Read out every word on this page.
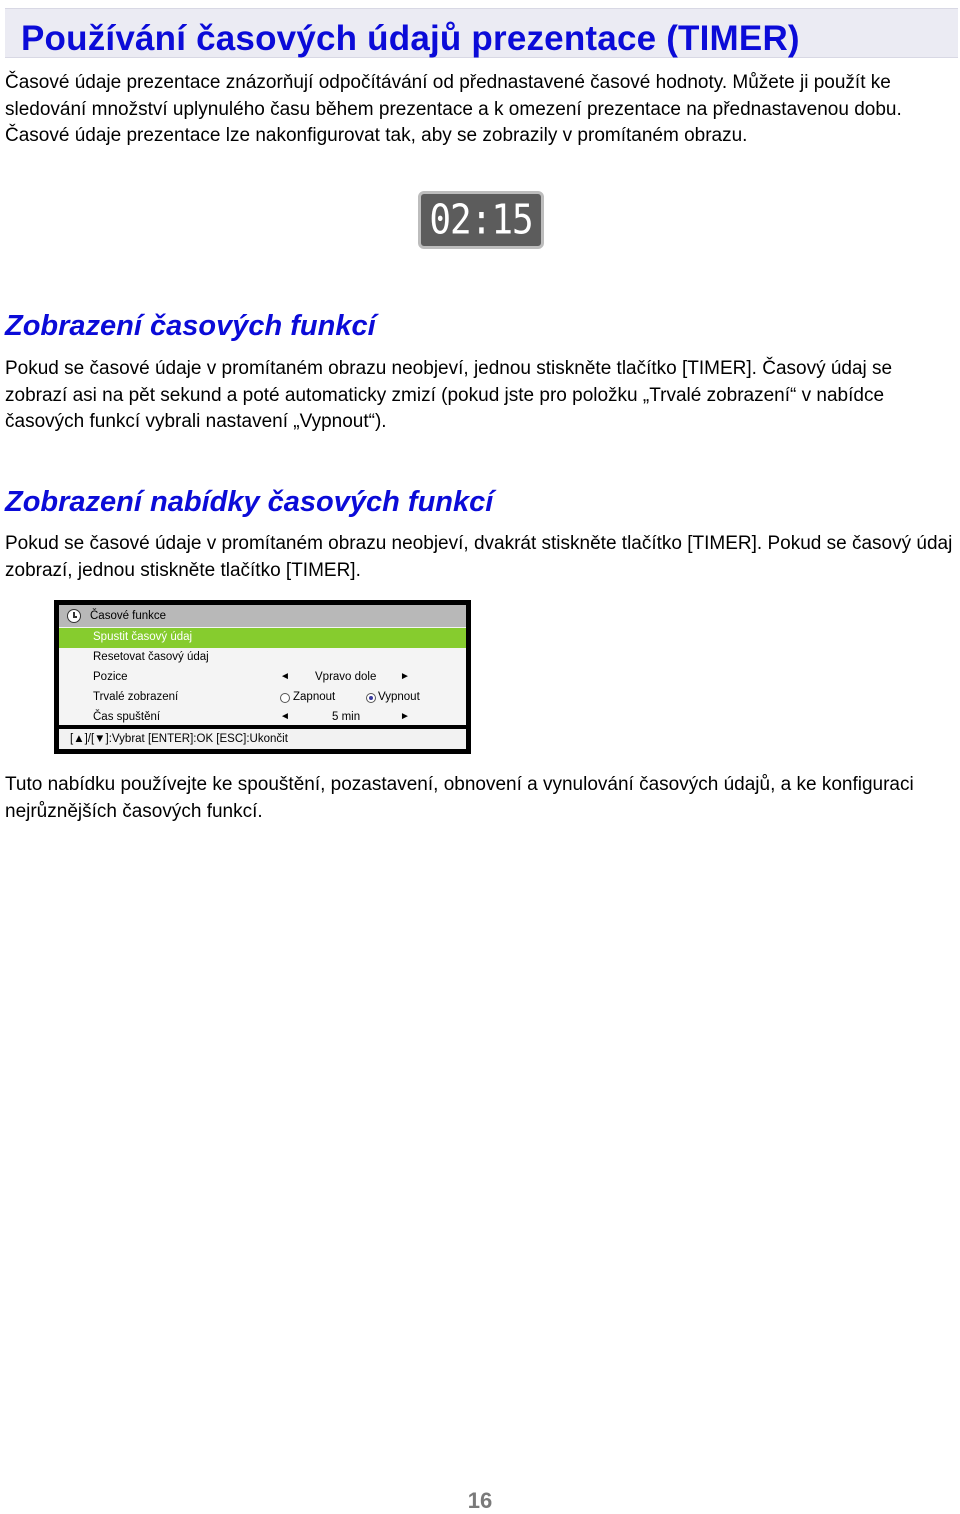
Používání časových údajů prezentace (TIMER)

Časové údaje prezentace znázorňují odpočítávání od přednastavené časové hodnoty. Můžete ji použít ke sledování množství uplynulého času během prezentace a k omezení prezentace na přednastavenou dobu. Časové údaje prezentace lze nakonfigurovat tak, aby se zobrazily v promítaném obrazu.

02:15
Zobrazení časových funkcí

Pokud se časové údaje v promítaném obrazu neobjeví, jednou stiskněte tlačítko [TIMER]. Časový údaj se zobrazí asi na pět sekund a poté automaticky zmizí (pokud jste pro položku „Trvalé zobrazení“ v nabídce časových funkcí vybrali nastavení „Vypnout“).

Zobrazení nabídky časových funkcí

Pokud se časové údaje v promítaném obrazu neobjeví, dvakrát stiskněte tlačítko [TIMER]. Pokud se časový údaj zobrazí, jednou stiskněte tlačítko [TIMER].

Časové funkce
Spustit časový údaj
Resetovat časový údaj
Pozice	◄ Vpravo dole ►
Trvalé zobrazení	Zapnout	Vypnout
Čas spuštění	◄	5 min	►
[▲]/[▼]:Vybrat [ENTER]:OK [ESC]:Ukončit

Tuto nabídku používejte ke spouštění, pozastavení, obnovení a vynulování časových údajů, a ke konfiguraci nejrůznějších časových funkcí.

16
